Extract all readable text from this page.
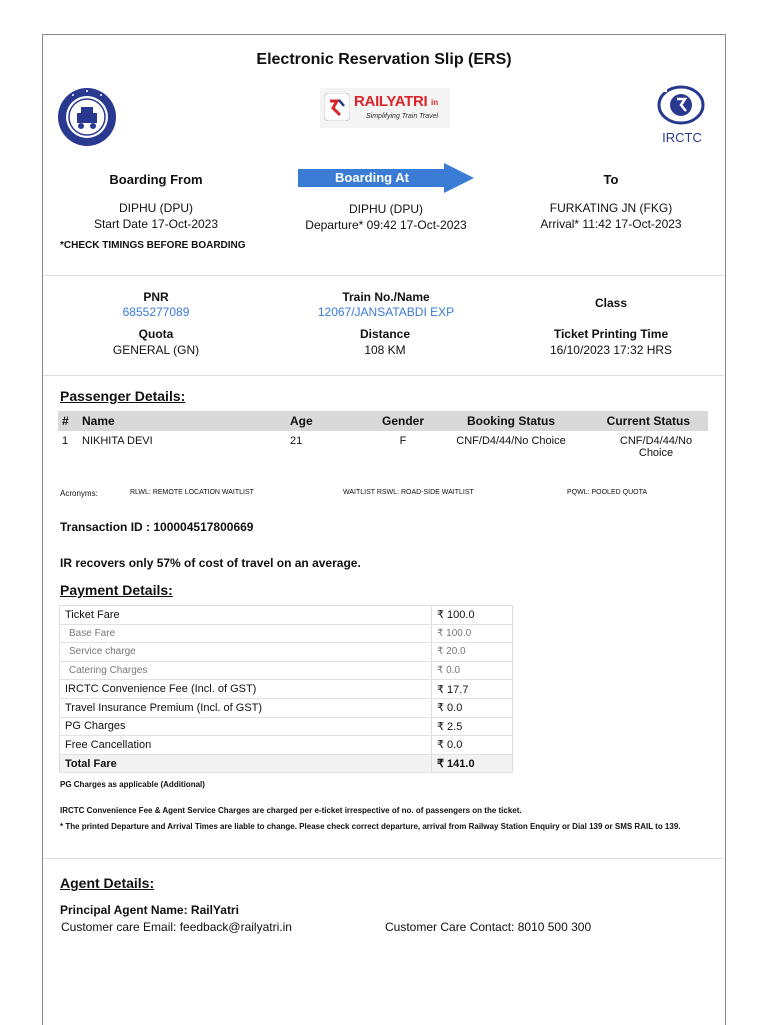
Electronic Reservation Slip (ERS)
RAILYATRI in
Simplifying Train Travel
IRCTC
Boarding From
DIPHU (DPU)
Start Date 17-Oct-2023
Boarding At
DIPHU (DPU)
Departure* 09:42 17-Oct-2023
To
FURKATING JN (FKG)
Arrival* 11:42 17-Oct-2023
*CHECK TIMINGS BEFORE BOARDING
PNR
6855277089
Train No./Name
12067/JANSATABDI EXP
Class
Quota
GENERAL (GN)
Distance
108 KM
Ticket Printing Time
16/10/2023 17:32 HRS
Passenger Details:
#	Name	Age	Gender	Booking Status	Current Status
1	NIKHITA DEVI	21	F	CNF/D4/44/No Choice	CNF/D4/44/No Choice
Acronyms:	RLWL: REMOTE LOCATION WAITLIST	WAITLIST RSWL: ROAD-SIDE WAITLIST	PQWL: POOLED QUOTA
Transaction ID : 100004517800669
IR recovers only 57% of cost of travel on an average.
Payment Details:
Ticket Fare	₹ 100.0
Base Fare	₹ 100.0
Service charge	₹ 20.0
Catering Charges	₹ 0.0
IRCTC Convenience Fee (Incl. of GST)	₹ 17.7
Travel Insurance Premium (Incl. of GST)	₹ 0.0
PG Charges	₹ 2.5
Free Cancellation	₹ 0.0
Total Fare	₹ 141.0
PG Charges as applicable (Additional)
IRCTC Convenience Fee & Agent Service Charges are charged per e-ticket irrespective of no. of passengers on the ticket.
* The printed Departure and Arrival Times are liable to change. Please check correct departure, arrival from Railway Station Enquiry or Dial 139 or SMS RAIL to 139.
Agent Details:
Principal Agent Name: RailYatri
Customer care Email: feedback@railyatri.in	Customer Care Contact: 8010 500 300
